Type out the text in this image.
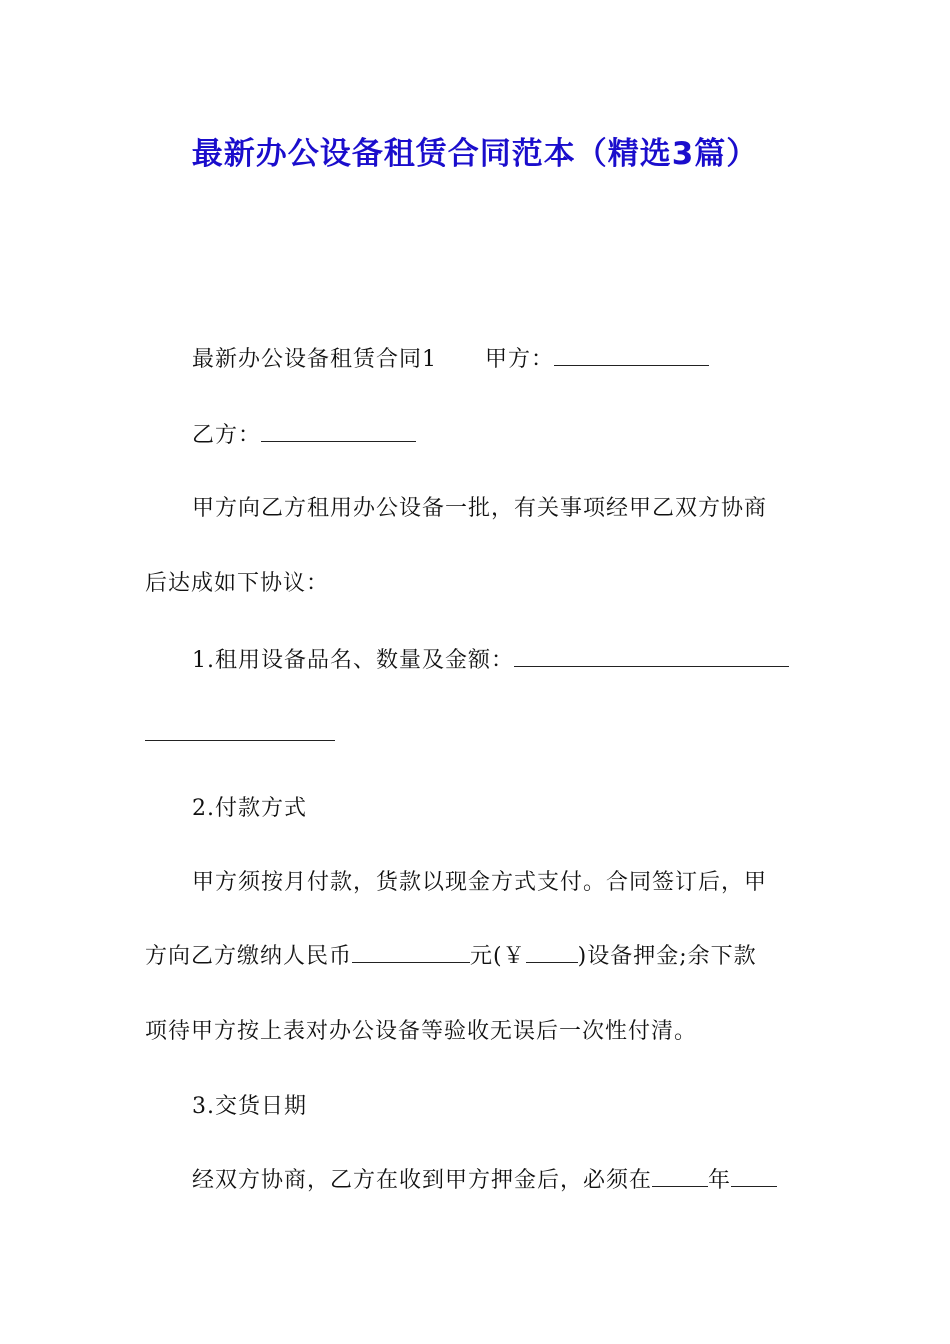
最新办公设备租赁合同范本（精选3篇）
最新办公设备租赁合同1 甲方：
乙方：
甲方向乙方租用办公设备一批，有关事项经甲乙双方协商
后达成如下协议：
1.租用设备品名、数量及金额：
2.付款方式
甲方须按月付款，货款以现金方式支付。合同签订后，甲
方向乙方缴纳人民币	元(￥ )设备押金;余下款
项待甲方按上表对办公设备等验收无误后一次性付清。
3.交货日期
经双方协商，乙方在收到甲方押金后，必须在	年
